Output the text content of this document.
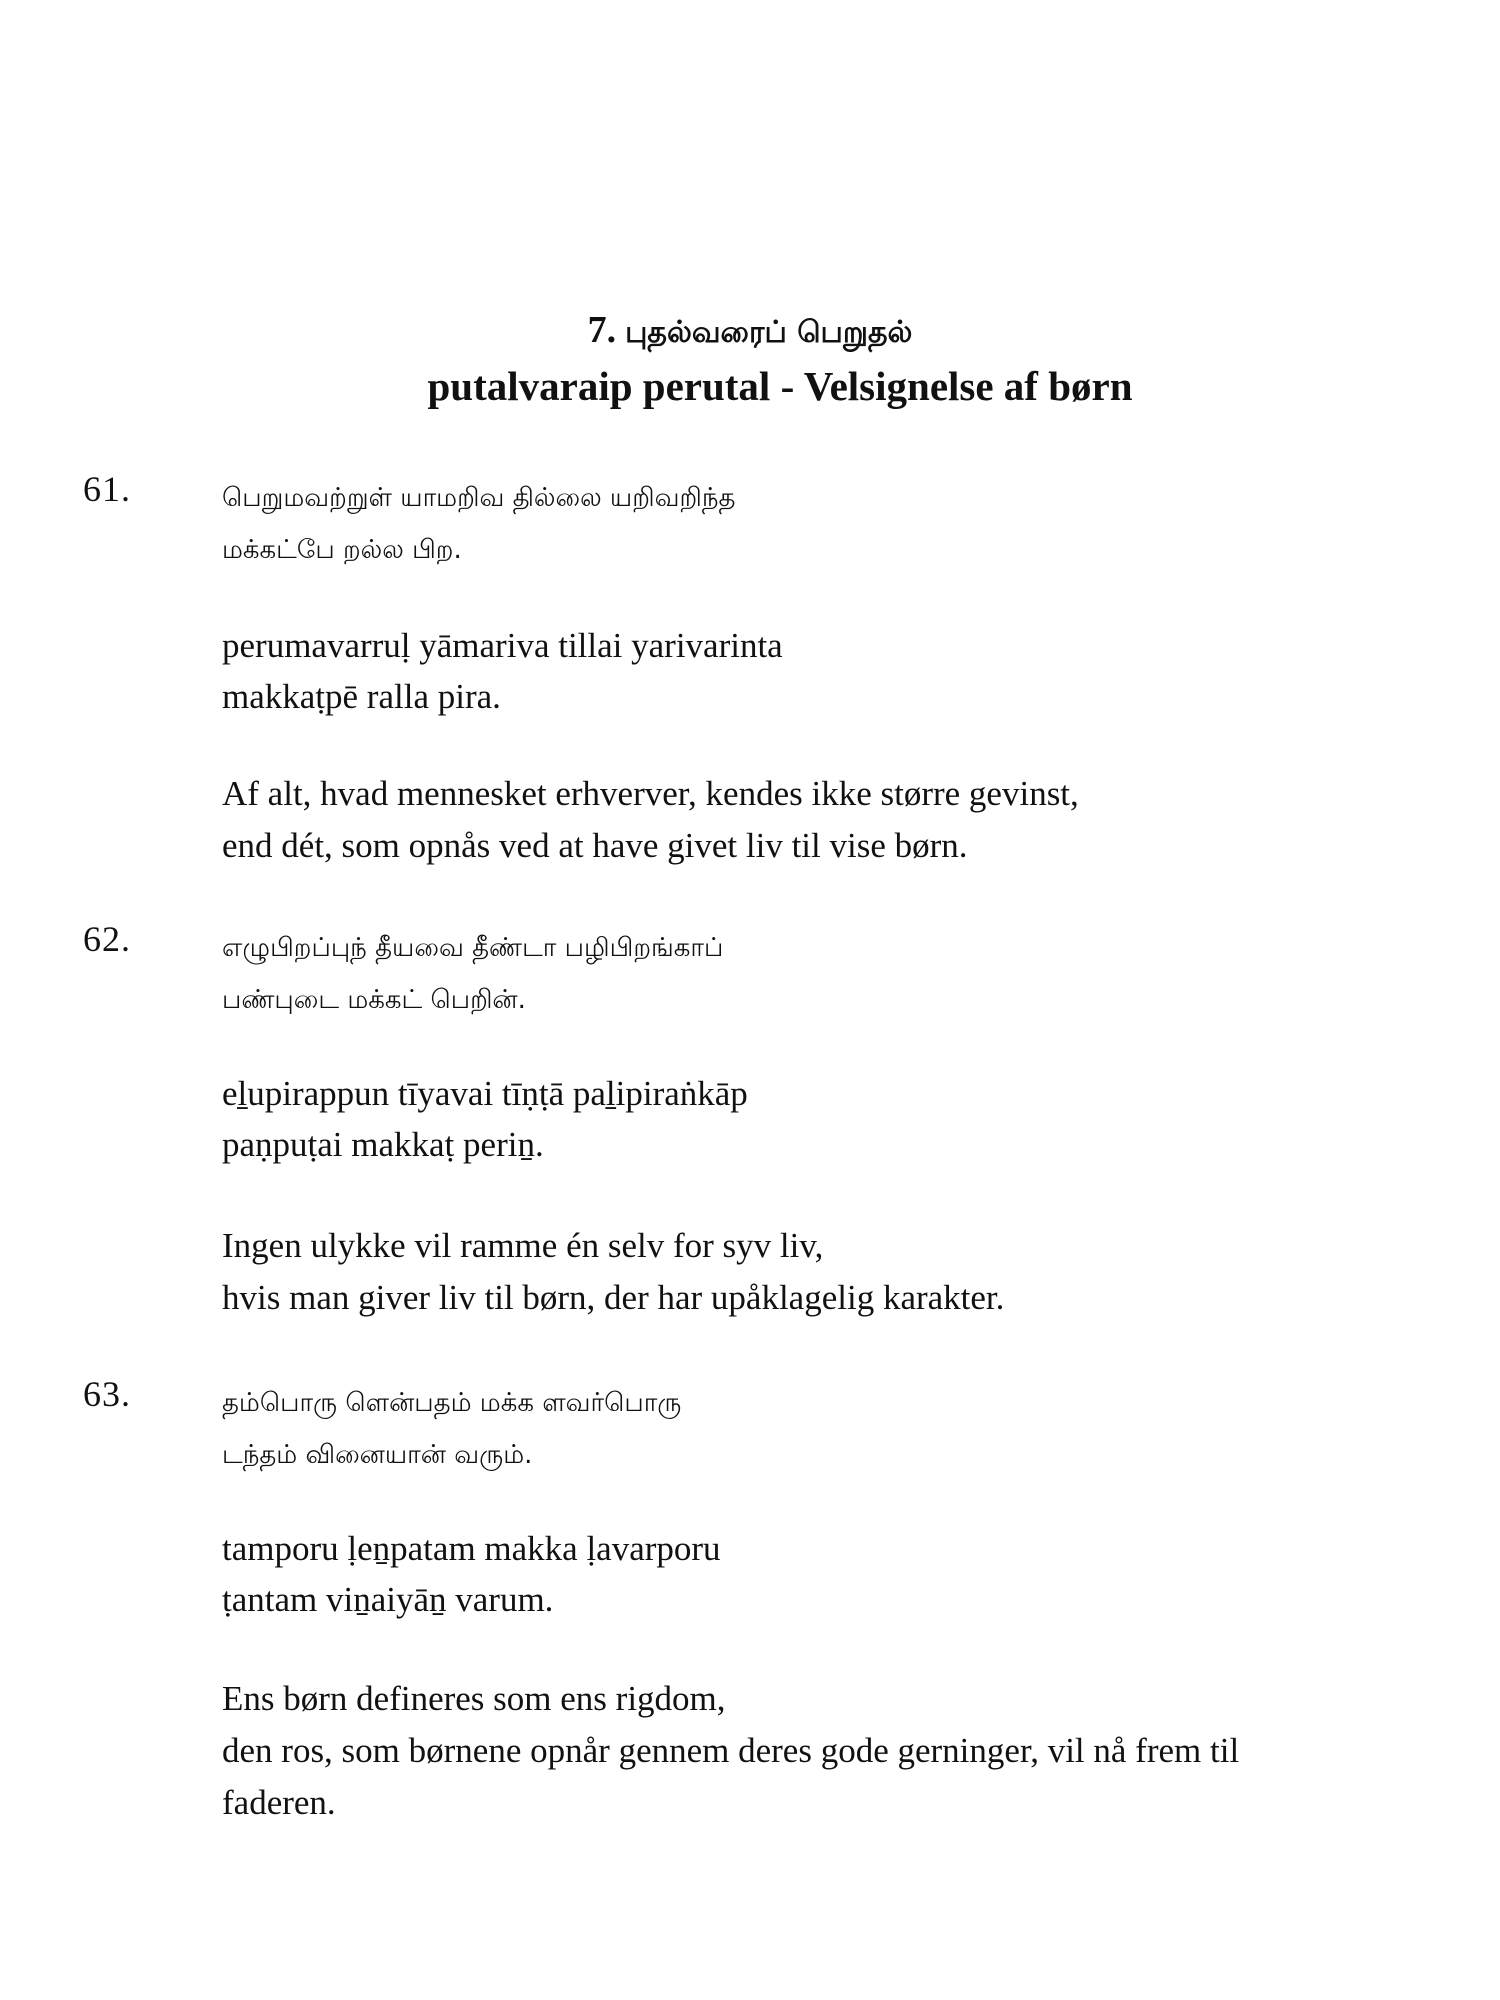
7. புதல்வரைப் பெறுதல்
putalvaraip perutal - Velsignelse af børn
61.	பெறுமவற்றுள் யாமறிவ தில்லை யறிவறிந்த
மக்கட்பே றல்ல பிற.
perumavarruḷ yāmariva tillai yarivarinta
makkaṭpē ralla pira.
Af alt, hvad mennesket erhverver, kendes ikke større gevinst,
end dét, som opnås ved at have givet liv til vise børn.
62.	எழுபிறப்புந் தீயவை தீண்டா பழிபிறங்காப்
பண்புடை மக்கட் பெறின்.
eḻupirappun tīyavai tīṇṭā paḻipiraṅkāp
paṇpuṭai makkaṭ periṉ.
Ingen ulykke vil ramme én selv for syv liv,
hvis man giver liv til børn, der har upåklagelig karakter.
63.	தம்பொரு ளென்பதம் மக்க ளவர்பொரு
டந்தம் வினையான் வரும்.
tamporu ḷeṉpatam makka ḷavarporu
ṭantam viṉaiyāṉ varum.
Ens børn defineres som ens rigdom,
den ros, som børnene opnår gennem deres gode gerninger, vil nå frem til faderen.
